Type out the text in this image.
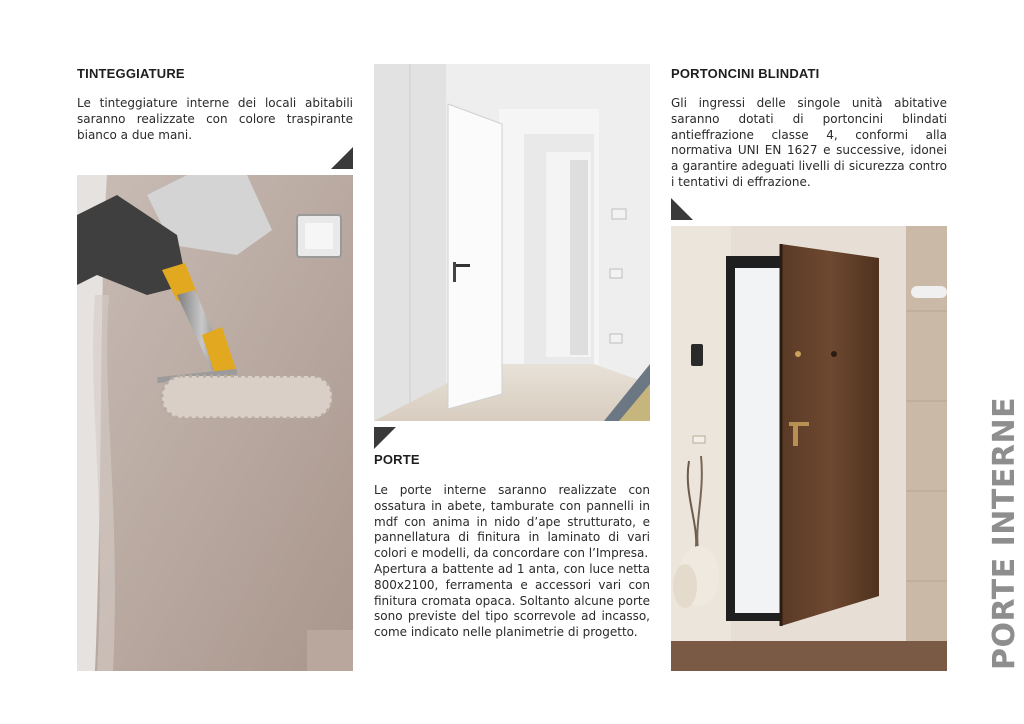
TINTEGGIATURE

Le tinteggiature interne dei locali abitabili saranno realizzate con colore traspirante bianco a due mani.

PORTE
Le porte interne saranno realizzate con ossatura in abete, tamburate con pannelli in mdf con anima in nido d’ape strutturato, e pannellatura di finitura in laminato di vari colori e modelli, da concordare con l’Impresa.
Apertura a battente ad 1 anta, con luce netta 800x2100, ferramenta e accessori vari con finitura cromata opaca. Soltanto alcune porte sono previste del tipo scorrevole ad incasso, come indicato nelle planimetrie di progetto.
PORTONCINI BLINDATI

Gli ingressi delle singole unità abitative saranno dotati di portoncini blindati antieffrazione classe 4, conformi alla normativa UNI EN 1627 e successive, idonei a garantire adeguati livelli di sicurezza contro i tentativi di effrazione.

PORTE INTERNE
